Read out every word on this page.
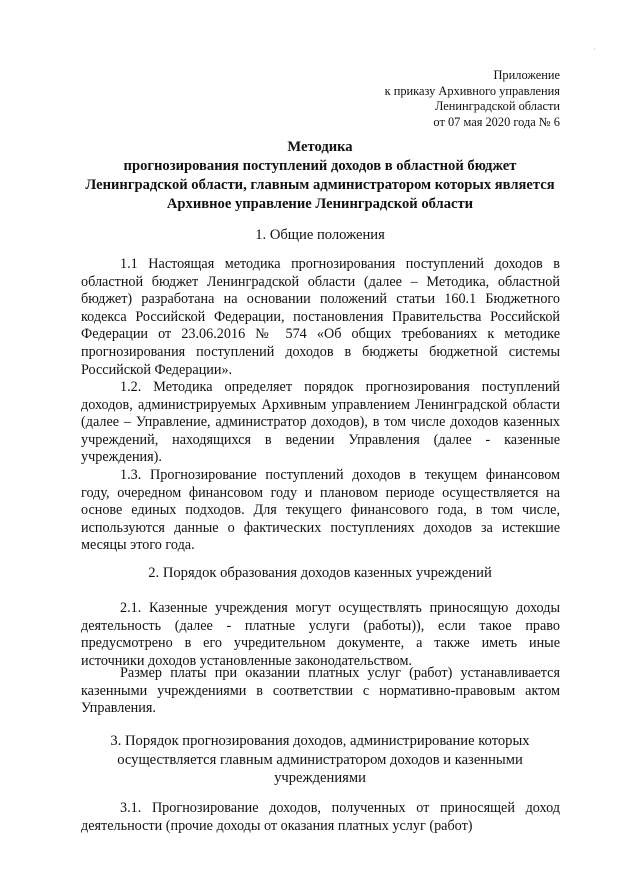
·
Приложение
к приказу Архивного управления
Ленинградской области
от 07 мая 2020 года № 6
Методика
прогнозирования поступлений доходов в областной бюджет
Ленинградской области, главным администратором которых является
Архивное управление Ленинградской области
1. Общие положения

1.1 Настоящая методика прогнозирования поступлений доходов в областной бюджет Ленинградской области (далее – Методика, областной бюджет) разработана на основании положений статьи 160.1 Бюджетного кодекса Российской Федерации, постановления Правительства Российской Федерации от 23.06.2016 № 574 «Об общих требованиях к методике прогнозирования поступлений доходов в бюджеты бюджетной системы Российской Федерации».

1.2. Методика определяет порядок прогнозирования поступлений доходов, администрируемых Архивным управлением Ленинградской области (далее – Управление, администратор доходов), в том числе доходов казенных учреждений, находящихся в ведении Управления (далее - казенные учреждения).

1.3. Прогнозирование поступлений доходов в текущем финансовом году, очередном финансовом году и плановом периоде осуществляется на основе единых подходов. Для текущего финансового года, в том числе, используются данные о фактических поступлениях доходов за истекшие месяцы этого года.

2. Порядок образования доходов казенных учреждений

2.1. Казенные учреждения могут осуществлять приносящую доходы деятельность (далее - платные услуги (работы)), если такое право предусмотрено в его учредительном документе, а также иметь иные источники доходов установленные законодательством.

Размер платы при оказании платных услуг (работ) устанавливается казенными учреждениями в соответствии с нормативно-правовым актом Управления.

3. Порядок прогнозирования доходов, администрирование которых
осуществляется главным администратором доходов и казенными
учреждениями

3.1. Прогнозирование доходов, полученных от приносящей доход деятельности (прочие доходы от оказания платных услуг (работ)
